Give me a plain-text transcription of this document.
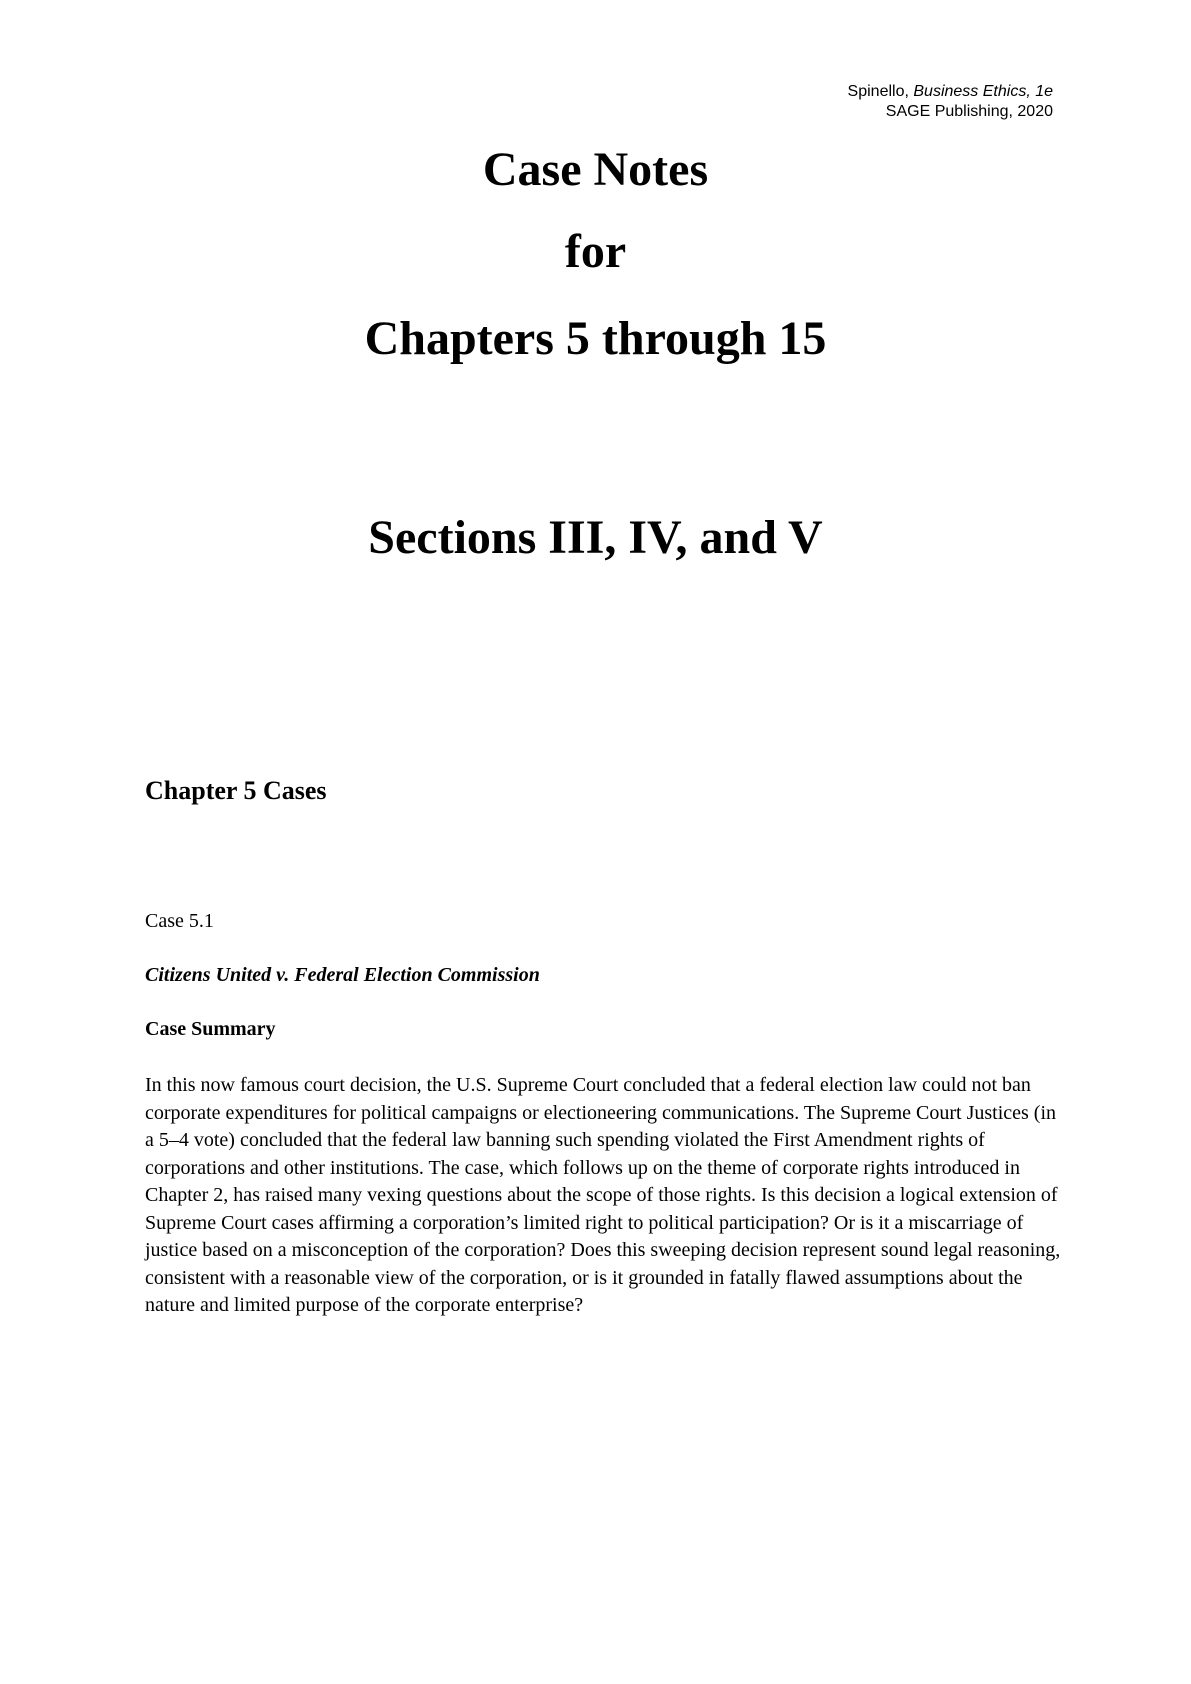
Spinello, Business Ethics, 1e
SAGE Publishing, 2020
Case Notes
for
Chapters 5 through 15
Sections III, IV, and V
Chapter 5 Cases
Case 5.1
Citizens United v. Federal Election Commission
Case Summary

In this now famous court decision, the U.S. Supreme Court concluded that a federal election law could not ban corporate expenditures for political campaigns or electioneering communications. The Supreme Court Justices (in a 5–4 vote) concluded that the federal law banning such spending violated the First Amendment rights of corporations and other institutions. The case, which follows up on the theme of corporate rights introduced in Chapter 2, has raised many vexing questions about the scope of those rights. Is this decision a logical extension of Supreme Court cases affirming a corporation’s limited right to political participation? Or is it a miscarriage of justice based on a misconception of the corporation? Does this sweeping decision represent sound legal reasoning, consistent with a reasonable view of the corporation, or is it grounded in fatally flawed assumptions about the nature and limited purpose of the corporate enterprise?
